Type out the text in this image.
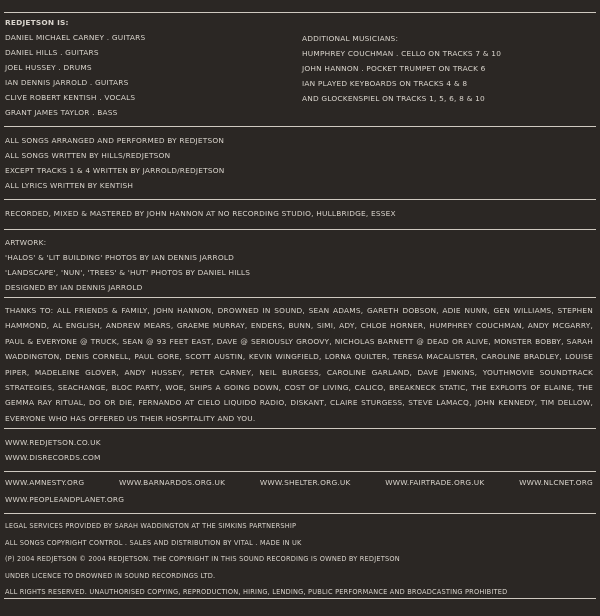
REDJETSON IS:
DANIEL MICHAEL CARNEY . GUITARS
DANIEL HILLS . GUITARS
JOEL HUSSEY . DRUMS
IAN DENNIS JARROLD . GUITARS
CLIVE ROBERT KENTISH . VOCALS
GRANT JAMES TAYLOR . BASS
ADDITIONAL MUSICIANS:
HUMPHREY COUCHMAN . CELLO ON TRACKS 7 & 10
JOHN HANNON . POCKET TRUMPET ON TRACK 6
IAN PLAYED KEYBOARDS ON TRACKS 4 & 8
AND GLOCKENSPIEL ON TRACKS 1, 5, 6, 8 & 10
ALL SONGS ARRANGED AND PERFORMED BY REDJETSON
ALL SONGS WRITTEN BY HILLS/REDJETSON
EXCEPT TRACKS 1 & 4 WRITTEN BY JARROLD/REDJETSON
ALL LYRICS WRITTEN BY KENTISH
RECORDED, MIXED & MASTERED BY JOHN HANNON AT NO RECORDING STUDIO, HULLBRIDGE, ESSEX
ARTWORK:
'HALOS' & 'LIT BUILDING' PHOTOS BY IAN DENNIS JARROLD
'LANDSCAPE', 'NUN', 'TREES' & 'HUT' PHOTOS BY DANIEL HILLS
DESIGNED BY IAN DENNIS JARROLD
THANKS TO: ALL FRIENDS & FAMILY, JOHN HANNON, DROWNED IN SOUND, SEAN ADAMS, GARETH DOBSON, ADIE NUNN, GEN WILLIAMS, STEPHEN HAMMOND, AL ENGLISH, ANDREW MEARS, GRAEME MURRAY, ENDERS, BUNN, SIMI, ADY, CHLOE HORNER, HUMPHREY COUCHMAN, ANDY MCGARRY, PAUL & EVERYONE @ TRUCK, SEAN @ 93 FEET EAST, DAVE @ SERIOUSLY GROOVY, NICHOLAS BARNETT @ DEAD OR ALIVE, MONSTER BOBBY, SARAH WADDINGTON, DENIS CORNELL, PAUL GORE, SCOTT AUSTIN, KEVIN WINGFIELD, LORNA QUILTER, TERESA MACALISTER, CAROLINE BRADLEY, LOUISE PIPER, MADELEINE GLOVER, ANDY HUSSEY, PETER CARNEY, NEIL BURGESS, CAROLINE GARLAND, DAVE JENKINS, YOUTHMOVIE SOUNDTRACK STRATEGIES, SEACHANGE, BLOC PARTY, WOE, SHIPS A GOING DOWN, COST OF LIVING, CALICO, BREAKNECK STATIC, THE EXPLOITS OF ELAINE, THE GEMMA RAY RITUAL, DO OR DIE, FERNANDO AT CIELO LIQUIDO RADIO, DISKANT, CLAIRE STURGESS, STEVE LAMACQ, JOHN KENNEDY, TIM DELLOW, EVERYONE WHO HAS OFFERED US THEIR HOSPITALITY AND YOU.
WWW.REDJETSON.CO.UK
WWW.DISRECORDS.COM
WWW.AMNESTY.ORG	WWW.BARNARDOS.ORG.UK	WWW.SHELTER.ORG.UK	WWW.FAIRTRADE.ORG.UK	WWW.NLCNET.ORG
WWW.PEOPLEANDPLANET.ORG
LEGAL SERVICES PROVIDED BY SARAH WADDINGTON AT THE SIMKINS PARTNERSHIP
ALL SONGS COPYRIGHT CONTROL . SALES AND DISTRIBUTION BY VITAL . MADE IN UK
(P) 2004 REDJETSON © 2004 REDJETSON. THE COPYRIGHT IN THIS SOUND RECORDING IS OWNED BY REDJETSON
UNDER LICENCE TO DROWNED IN SOUND RECORDINGS LTD.
ALL RIGHTS RESERVED. UNAUTHORISED COPYING, REPRODUCTION, HIRING, LENDING, PUBLIC PERFORMANCE AND BROADCASTING PROHIBITED
